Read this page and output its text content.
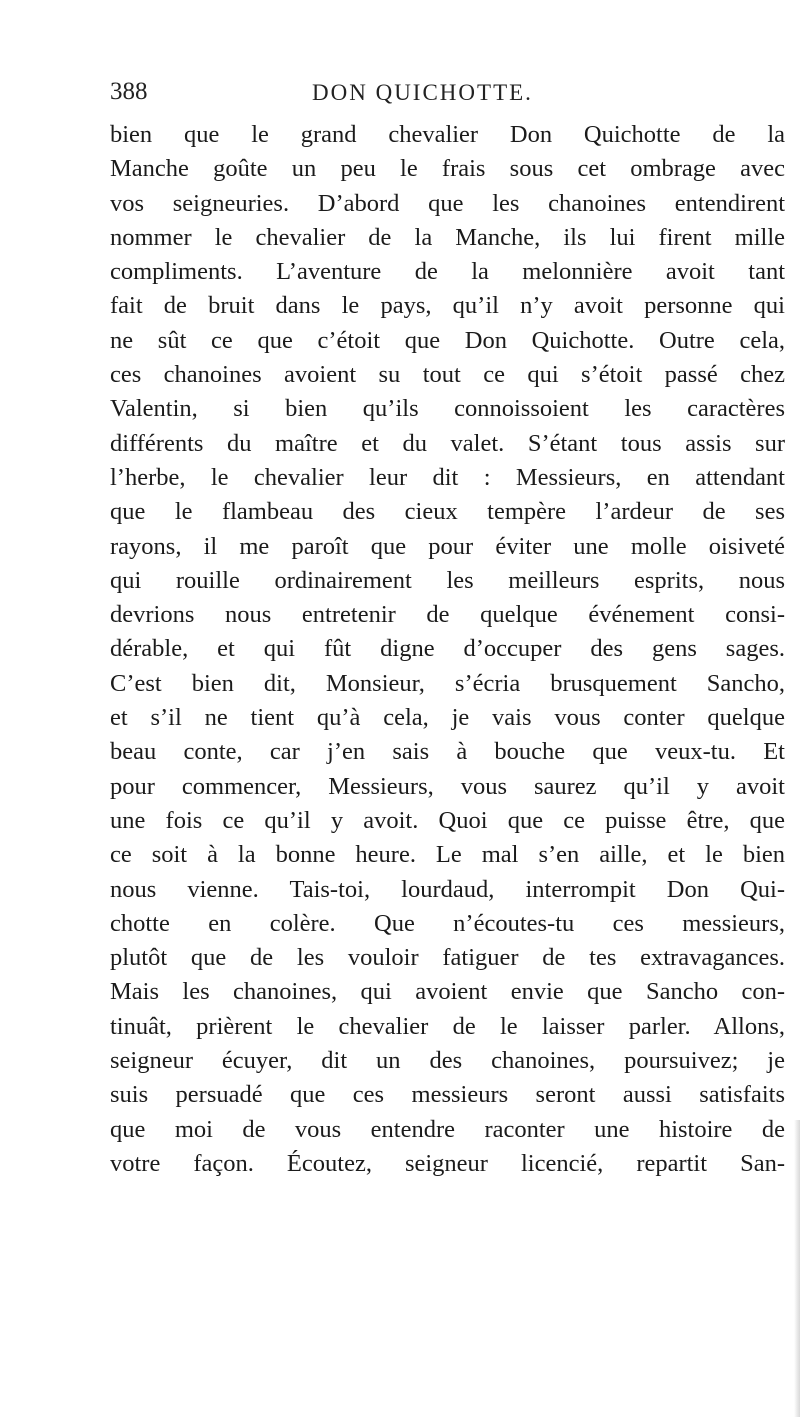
388	DON QUICHOTTE.
bien que le grand chevalier Don Quichotte de la
Manche goûte un peu le frais sous cet ombrage avec
vos seigneuries. D’abord que les chanoines entendirent
nommer le chevalier de la Manche, ils lui firent mille
compliments. L’aventure de la melonnière avoit tant
fait de bruit dans le pays, qu’il n’y avoit personne qui
ne sût ce que c’étoit que Don Quichotte. Outre cela,
ces chanoines avoient su tout ce qui s’étoit passé chez
Valentin, si bien qu’ils connoissoient les caractères
différents du maître et du valet. S’étant tous assis sur
l’herbe, le chevalier leur dit : Messieurs, en attendant
que le flambeau des cieux tempère l’ardeur de ses
rayons, il me paroît que pour éviter une molle oisiveté
qui rouille ordinairement les meilleurs esprits, nous
devrions nous entretenir de quelque événement consi-
dérable, et qui fût digne d’occuper des gens sages.
C’est bien dit, Monsieur, s’écria brusquement Sancho,
et s’il ne tient qu’à cela, je vais vous conter quelque
beau conte, car j’en sais à bouche que veux-tu. Et
pour commencer, Messieurs, vous saurez qu’il y avoit
une fois ce qu’il y avoit. Quoi que ce puisse être, que
ce soit à la bonne heure. Le mal s’en aille, et le bien
nous vienne. Tais-toi, lourdaud, interrompit Don Qui-
chotte en colère. Que n’écoutes-tu ces messieurs,
plutôt que de les vouloir fatiguer de tes extravagances.
Mais les chanoines, qui avoient envie que Sancho con-
tinuât, prièrent le chevalier de le laisser parler. Allons,
seigneur écuyer, dit un des chanoines, poursuivez; je
suis persuadé que ces messieurs seront aussi satisfaits
que moi de vous entendre raconter une histoire de
votre façon. Écoutez, seigneur licencié, repartit San-
